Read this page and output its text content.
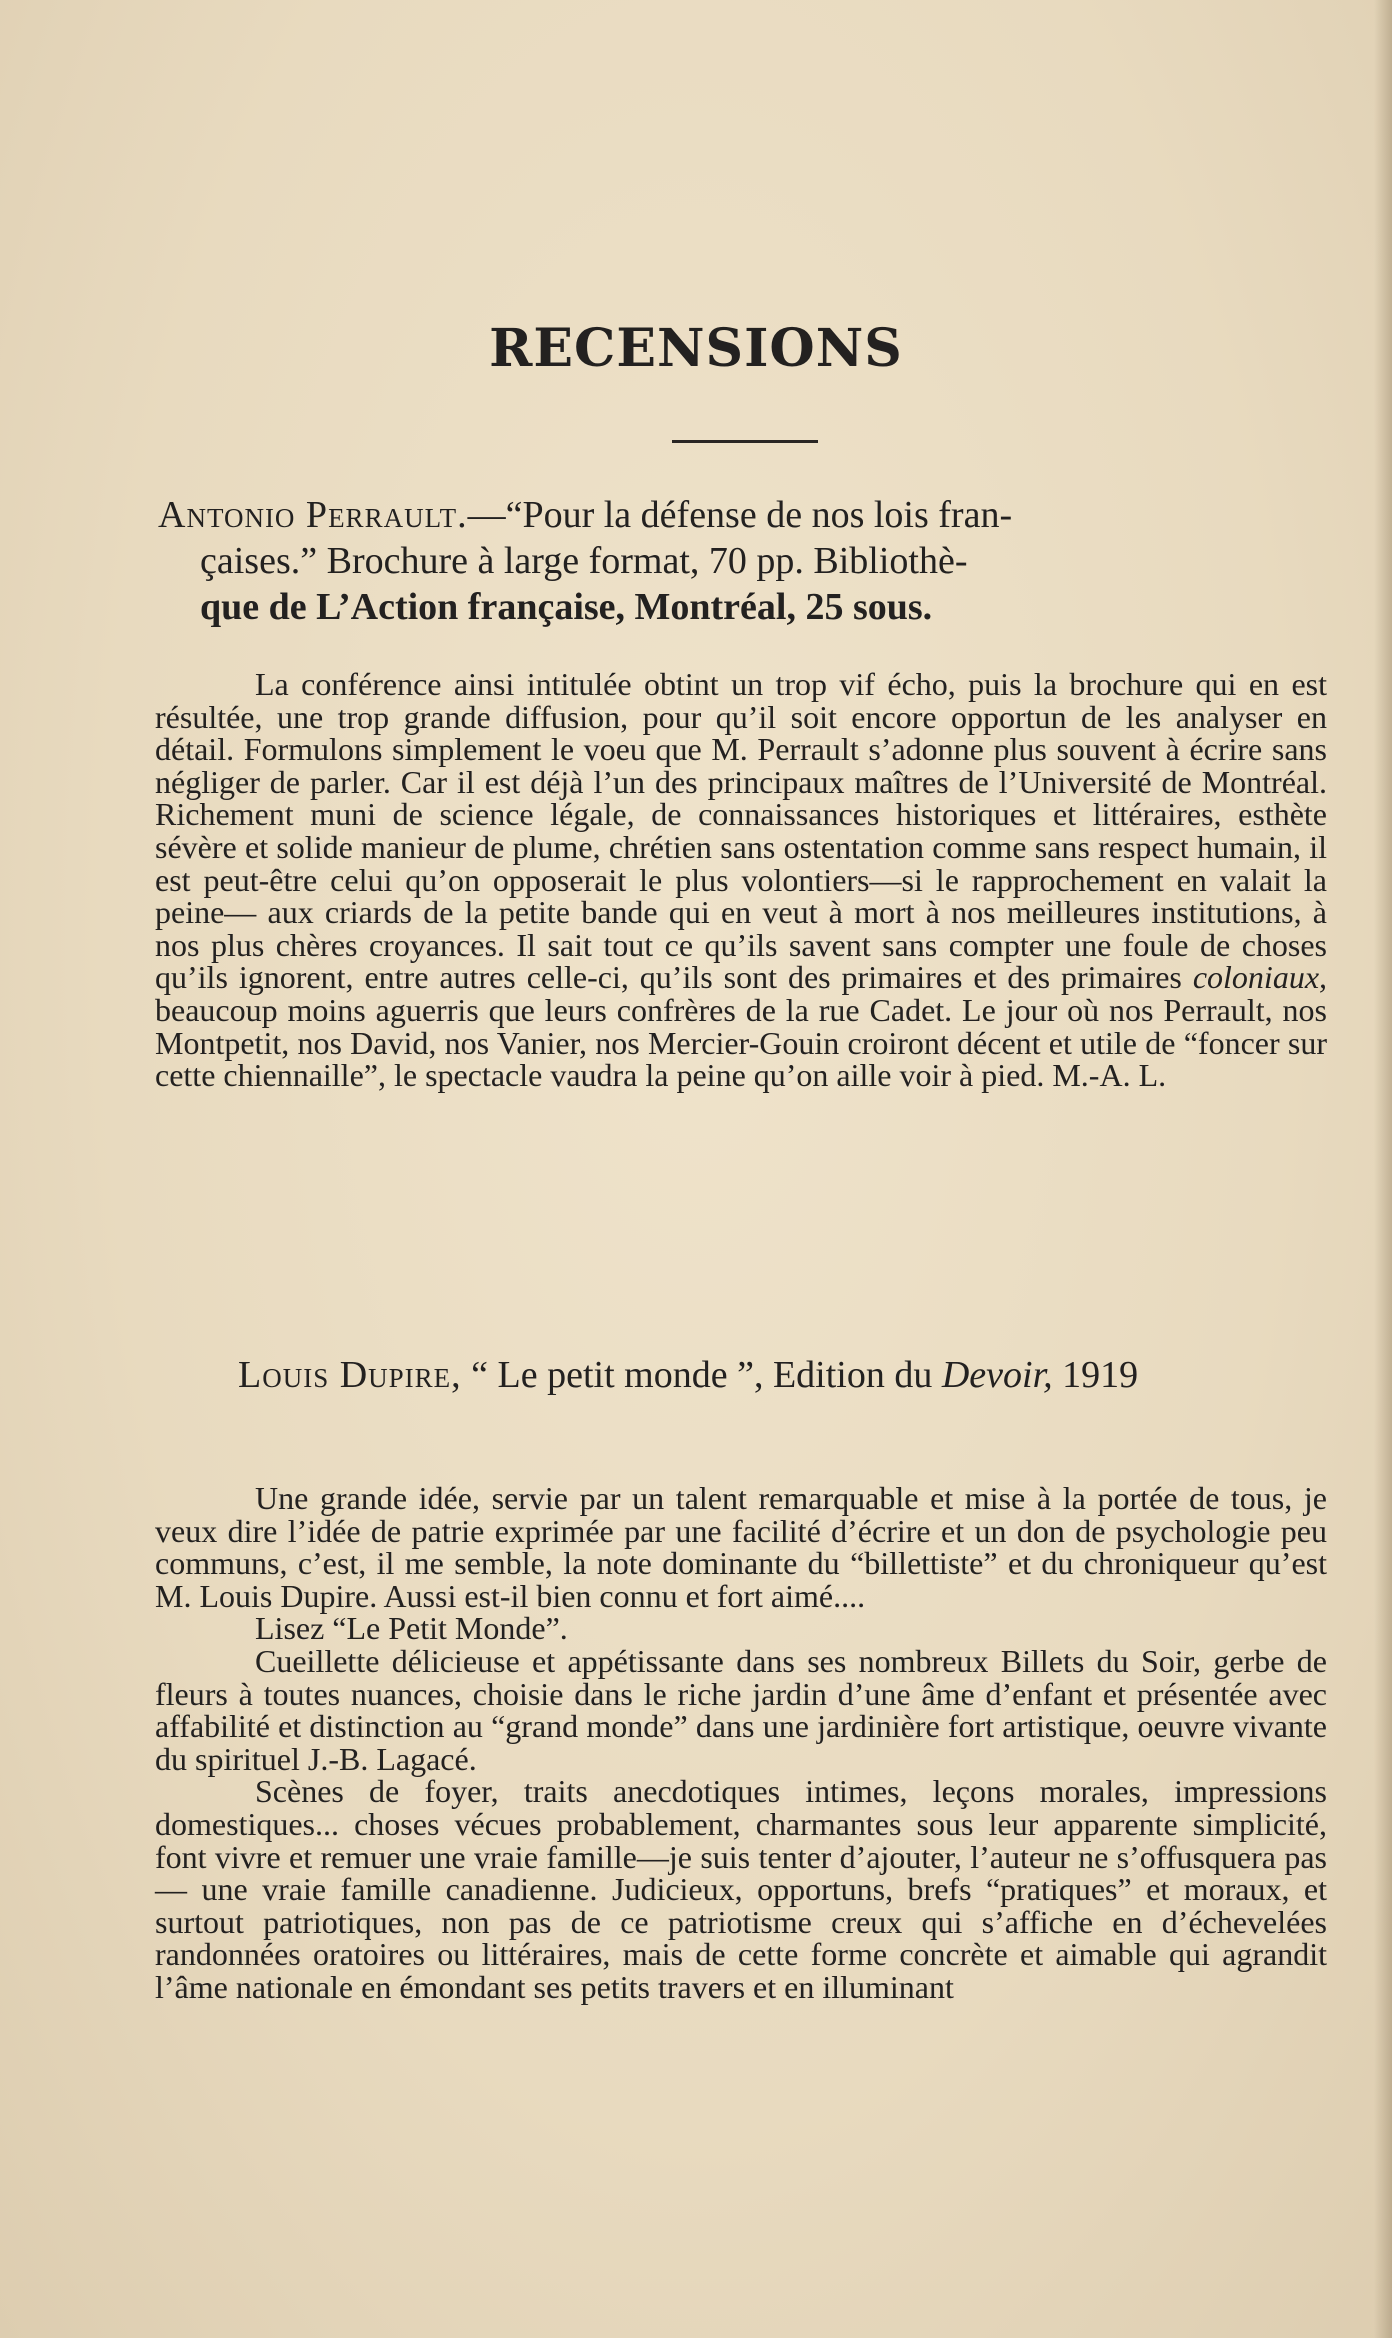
RECENSIONS
Antonio Perrault.—“Pour la défense de nos lois fran-
çaises.” Brochure à large format, 70 pp. Bibliothè-
que de L’Action française, Montréal, 25 sous.

La conférence ainsi intitulée obtint un trop vif écho, puis la brochure qui en est résultée, une trop grande diffusion, pour qu’il soit encore opportun de les analyser en détail. Formulons simplement le voeu que M. Perrault s’adonne plus souvent à écrire sans négliger de parler. Car il est déjà l’un des principaux maîtres de l’Université de Montréal. Richement muni de science légale, de connaissances historiques et littéraires, esthète sévère et solide manieur de plume, chrétien sans ostentation comme sans respect humain, il est peut-être celui qu’on opposerait le plus volontiers—si le rapprochement en valait la peine— aux criards de la petite bande qui en veut à mort à nos meilleures institutions, à nos plus chères croyances. Il sait tout ce qu’ils savent sans compter une foule de choses qu’ils ignorent, entre autres celle-ci, qu’ils sont des primaires et des primaires coloniaux, beaucoup moins aguerris que leurs confrères de la rue Cadet. Le jour où nos Perrault, nos Montpetit, nos David, nos Vanier, nos Mercier-Gouin croiront décent et utile de “foncer sur cette chiennaille”, le spectacle vaudra la peine qu’on aille voir à pied. M.-A. L.

Louis Dupire, “ Le petit monde ”, Edition du Devoir, 1919

Une grande idée, servie par un talent remarquable et mise à la portée de tous, je veux dire l’idée de patrie exprimée par une facilité d’écrire et un don de psychologie peu communs, c’est, il me semble, la note dominante du “billettiste” et du chroniqueur qu’est M. Louis Dupire. Aussi est-il bien connu et fort aimé....

Lisez “Le Petit Monde”.

Cueillette délicieuse et appétissante dans ses nombreux Billets du Soir, gerbe de fleurs à toutes nuances, choisie dans le riche jardin d’une âme d’enfant et présentée avec affabilité et distinction au “grand monde” dans une jardinière fort artistique, oeuvre vivante du spirituel J.-B. Lagacé.

Scènes de foyer, traits anecdotiques intimes, leçons morales, impressions domestiques... choses vécues probablement, charmantes sous leur apparente simplicité, font vivre et remuer une vraie famille—je suis tenter d’ajouter, l’auteur ne s’offusquera pas— une vraie famille canadienne. Judicieux, opportuns, brefs “pratiques” et moraux, et surtout patriotiques, non pas de ce patriotisme creux qui s’affiche en d’échevelées randonnées oratoires ou littéraires, mais de cette forme concrète et aimable qui agrandit l’âme nationale en émondant ses petits travers et en illuminant
